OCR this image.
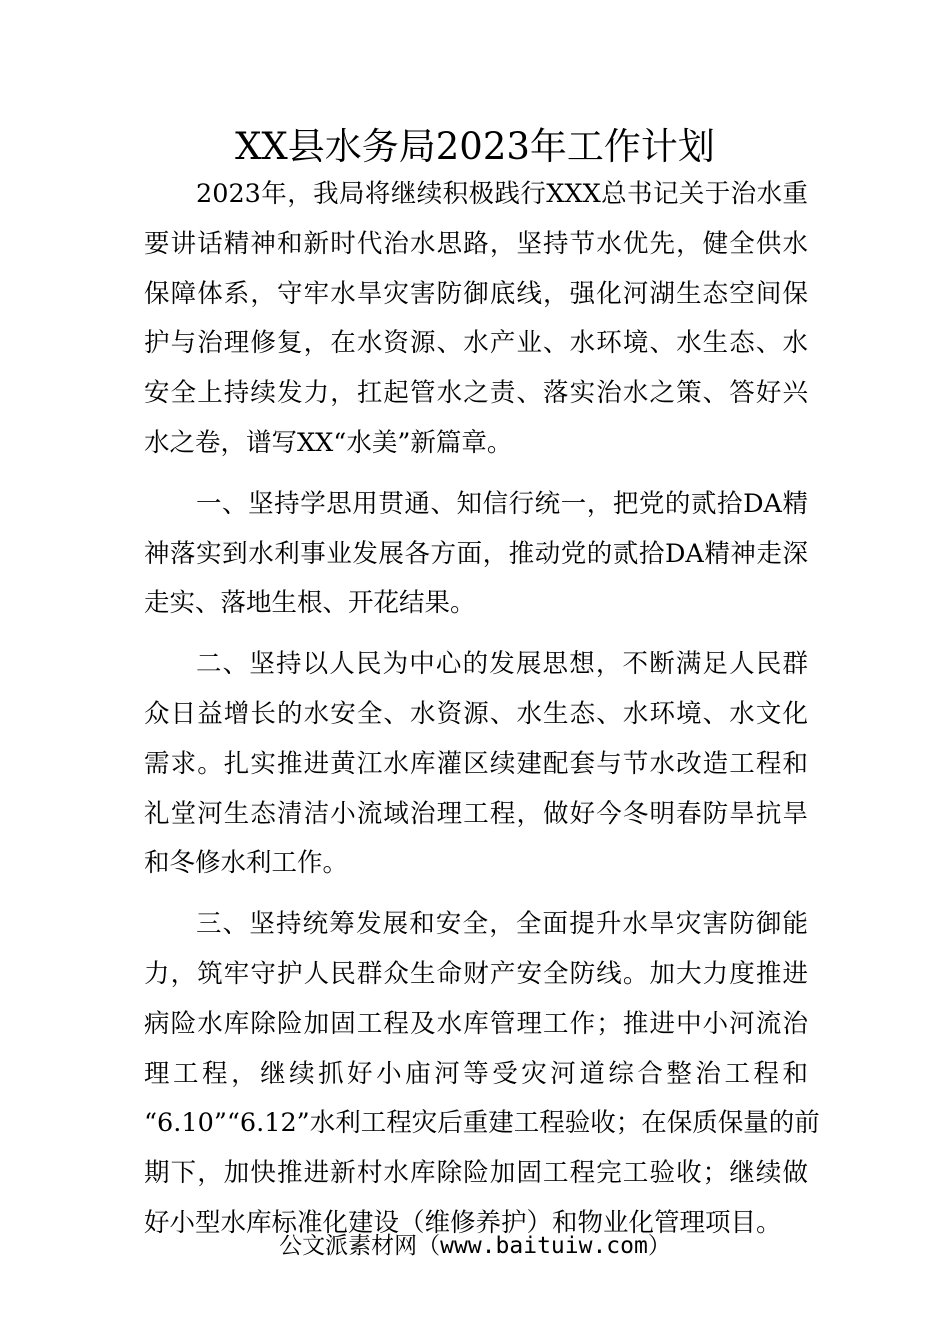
XX县水务局2023年工作计划
2023年，我局将继续积极践行XXX总书记关于治水重
要讲话精神和新时代治水思路，坚持节水优先，健全供水
保障体系，守牢水旱灾害防御底线，强化河湖生态空间保
护与治理修复，在水资源、水产业、水环境、水生态、水
安全上持续发力，扛起管水之责、落实治水之策、答好兴
水之卷，谱写XX“水美”新篇章。
一、坚持学思用贯通、知信行统一，把党的贰拾DA精
神落实到水利事业发展各方面，推动党的贰拾DA精神走深
走实、落地生根、开花结果。
二、坚持以人民为中心的发展思想，不断满足人民群
众日益增长的水安全、水资源、水生态、水环境、水文化
需求。扎实推进黄江水库灌区续建配套与节水改造工程和
礼堂河生态清洁小流域治理工程，做好今冬明春防旱抗旱
和冬修水利工作。
三、坚持统筹发展和安全，全面提升水旱灾害防御能
力，筑牢守护人民群众生命财产安全防线。加大力度推进
病险水库除险加固工程及水库管理工作；推进中小河流治
理工程，继续抓好小庙河等受灾河道综合整治工程和
“6.10”“6.12”水利工程灾后重建工程验收；在保质保量的前
期下，加快推进新村水库除险加固工程完工验收；继续做
好小型水库标准化建设（维修养护）和物业化管理项目。
公文派素材网（www.baituiw.com）
